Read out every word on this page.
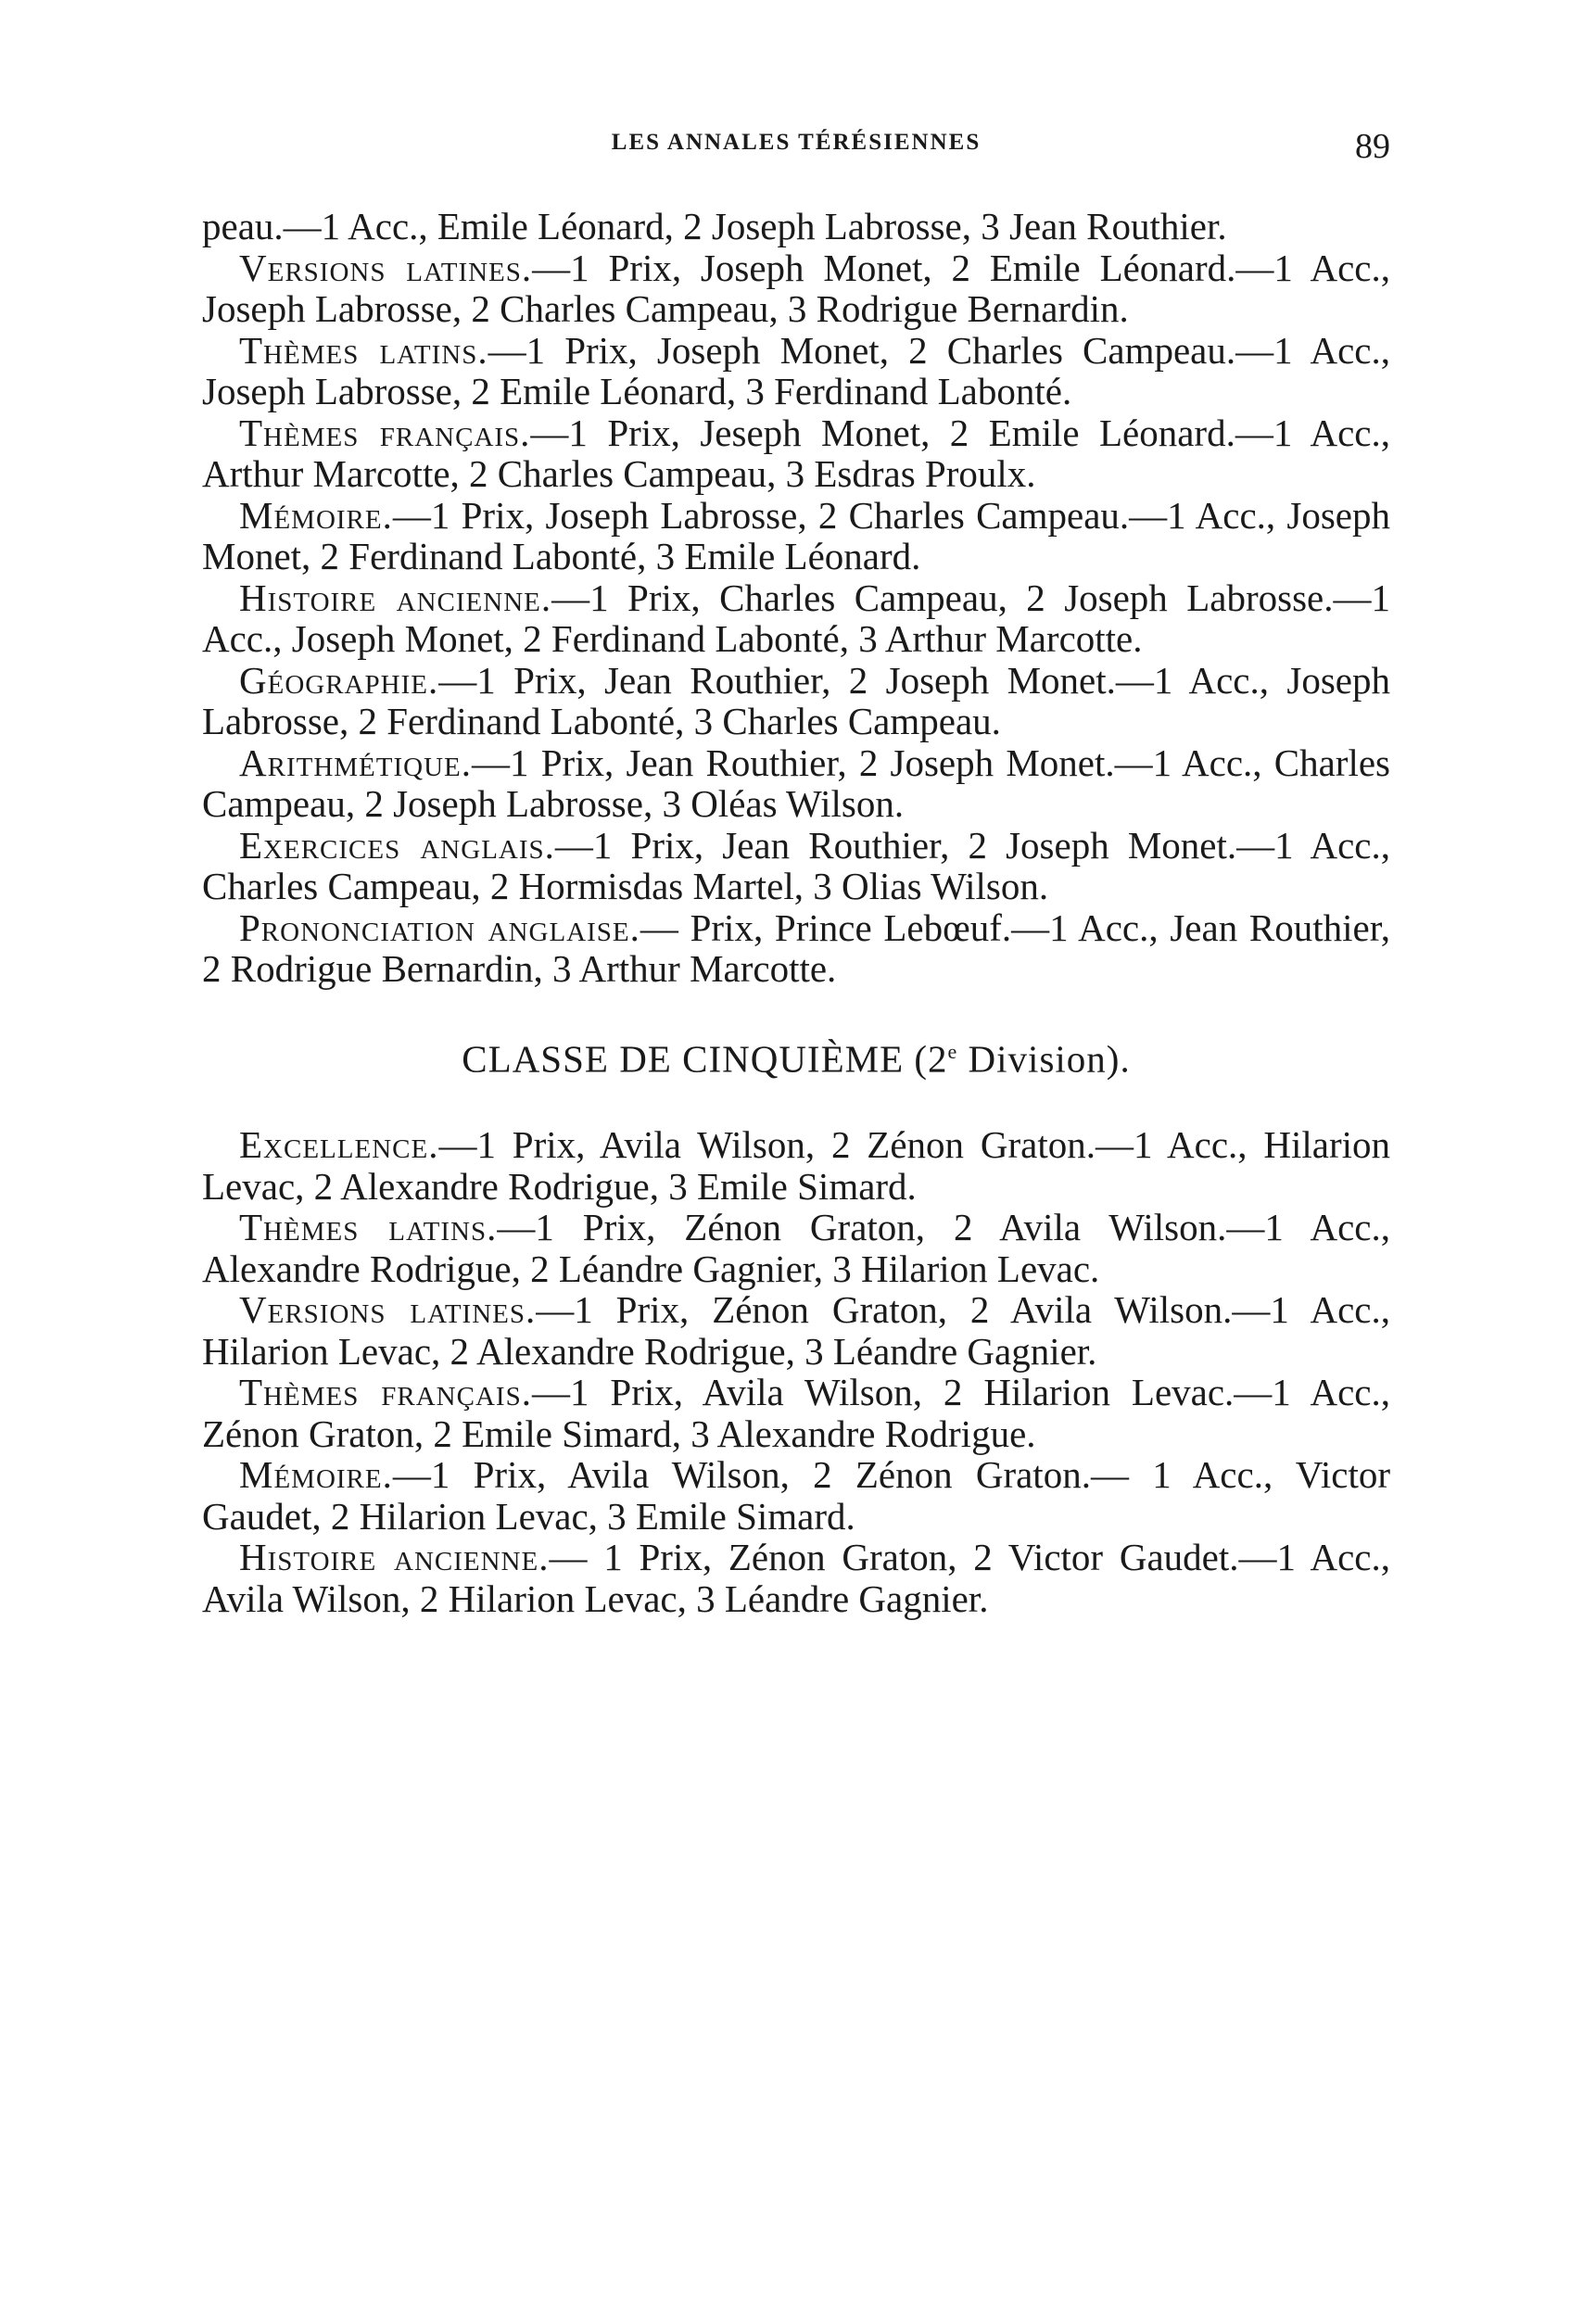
LES ANNALES TÉRÉSIENNES	89

peau.—1 Acc., Emile Léonard, 2 Joseph Labrosse, 3 Jean Routhier.

Versions latines.—1 Prix, Joseph Monet, 2 Emile Léonard.—1 Acc., Joseph Labrosse, 2 Charles Campeau, 3 Rodrigue Bernardin.

Thèmes latins.—1 Prix, Joseph Monet, 2 Charles Campeau.—1 Acc., Joseph Labrosse, 2 Emile Léonard, 3 Ferdinand Labonté.

Thèmes français.—1 Prix, Jeseph Monet, 2 Emile Léonard.—1 Acc., Arthur Marcotte, 2 Charles Campeau, 3 Esdras Proulx.

Mémoire.—1 Prix, Joseph Labrosse, 2 Charles Campeau.—1 Acc., Joseph Monet, 2 Ferdinand Labonté, 3 Emile Léonard.

Histoire ancienne.—1 Prix, Charles Campeau, 2 Joseph Labrosse.—1 Acc., Joseph Monet, 2 Ferdinand Labonté, 3 Arthur Marcotte.

Géographie.—1 Prix, Jean Routhier, 2 Joseph Monet.—1 Acc., Joseph Labrosse, 2 Ferdinand Labonté, 3 Charles Campeau.

Arithmétique.—1 Prix, Jean Routhier, 2 Joseph Monet.—1 Acc., Charles Campeau, 2 Joseph Labrosse, 3 Oléas Wilson.

Exercices anglais.—1 Prix, Jean Routhier, 2 Joseph Monet.—1 Acc., Charles Campeau, 2 Hormisdas Martel, 3 Olias Wilson.

Prononciation anglaise.— Prix, Prince Lebœuf.—1 Acc., Jean Routhier, 2 Rodrigue Bernardin, 3 Arthur Marcotte.

CLASSE DE CINQUIÈME (2e Division).

Excellence.—1 Prix, Avila Wilson, 2 Zénon Graton.—1 Acc., Hilarion Levac, 2 Alexandre Rodrigue, 3 Emile Simard.

Thèmes latins.—1 Prix, Zénon Graton, 2 Avila Wilson.—1 Acc., Alexandre Rodrigue, 2 Léandre Gagnier, 3 Hilarion Levac.

Versions latines.—1 Prix, Zénon Graton, 2 Avila Wilson.—1 Acc., Hilarion Levac, 2 Alexandre Rodrigue, 3 Léandre Gagnier.

Thèmes français.—1 Prix, Avila Wilson, 2 Hilarion Levac.—1 Acc., Zénon Graton, 2 Emile Simard, 3 Alexandre Rodrigue.

Mémoire.—1 Prix, Avila Wilson, 2 Zénon Graton.— 1 Acc., Victor Gaudet, 2 Hilarion Levac, 3 Emile Simard.

Histoire ancienne.— 1 Prix, Zénon Graton, 2 Victor Gaudet.—1 Acc., Avila Wilson, 2 Hilarion Levac, 3 Léandre Gagnier.
